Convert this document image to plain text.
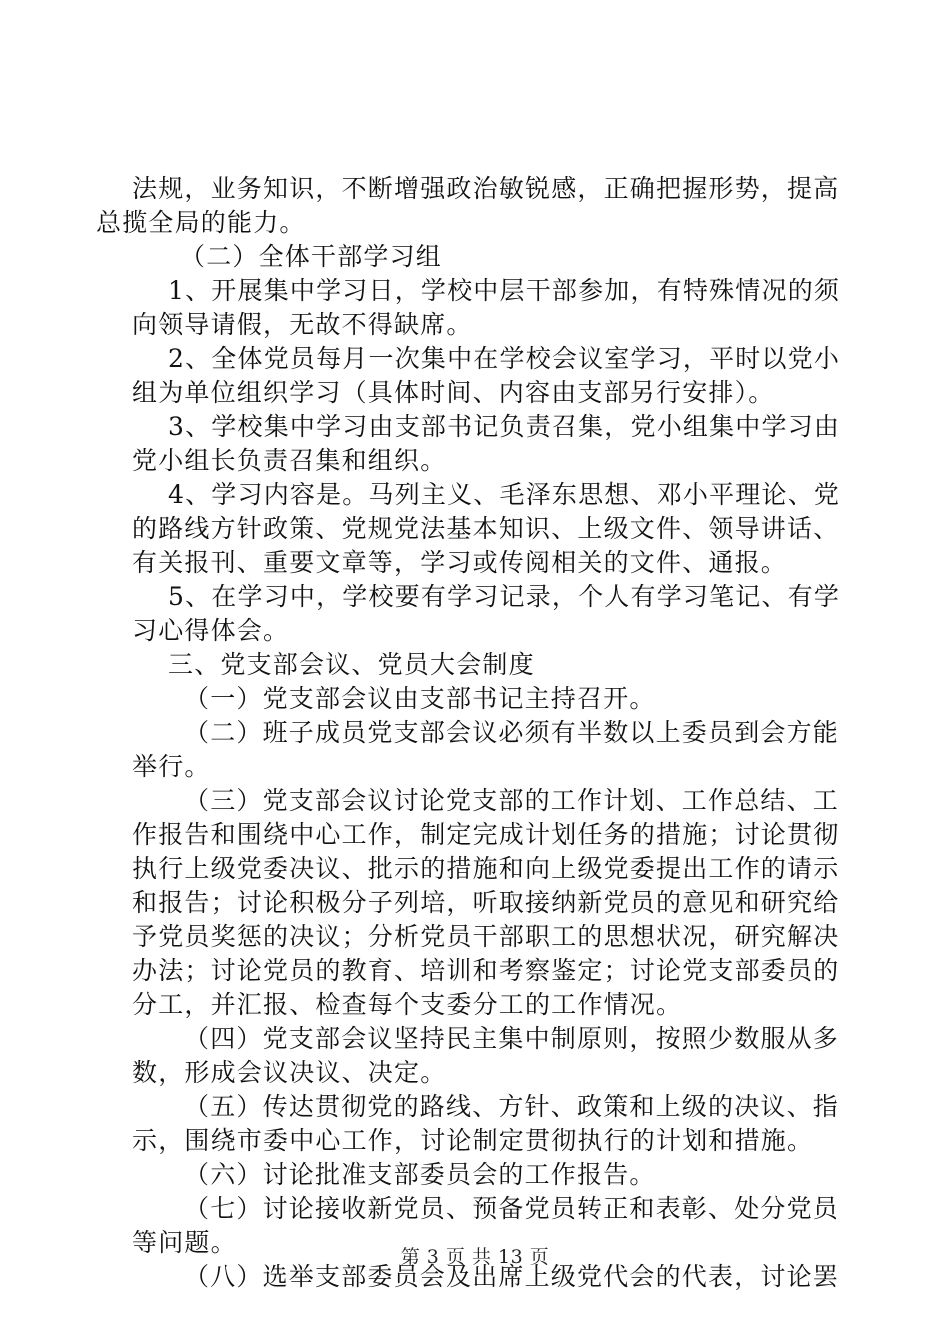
法规，业务知识，不断增强政治敏锐感，正确把握形势，提高
总揽全局的能力。
（二）全体干部学习组
1、开展集中学习日，学校中层干部参加，有特殊情况的须
向领导请假，无故不得缺席。
2、全体党员每月一次集中在学校会议室学习，平时以党小
组为单位组织学习（具体时间、内容由支部另行安排）。
3、学校集中学习由支部书记负责召集，党小组集中学习由
党小组长负责召集和组织。
4、学习内容是。马列主义、毛泽东思想、邓小平理论、党
的路线方针政策、党规党法基本知识、上级文件、领导讲话、
有关报刊、重要文章等，学习或传阅相关的文件、通报。
5、在学习中，学校要有学习记录，个人有学习笔记、有学
习心得体会。
三、党支部会议、党员大会制度
（一）党支部会议由支部书记主持召开。
（二）班子成员党支部会议必须有半数以上委员到会方能
举行。
（三）党支部会议讨论党支部的工作计划、工作总结、工
作报告和围绕中心工作，制定完成计划任务的措施；讨论贯彻
执行上级党委决议、批示的措施和向上级党委提出工作的请示
和报告；讨论积极分子列培，听取接纳新党员的意见和研究给
予党员奖惩的决议；分析党员干部职工的思想状况，研究解决
办法；讨论党员的教育、培训和考察鉴定；讨论党支部委员的
分工，并汇报、检查每个支委分工的工作情况。
（四）党支部会议坚持民主集中制原则，按照少数服从多
数，形成会议决议、决定。
（五）传达贯彻党的路线、方针、政策和上级的决议、指
示，围绕市委中心工作，讨论制定贯彻执行的计划和措施。
（六）讨论批准支部委员会的工作报告。
（七）讨论接收新党员、预备党员转正和表彰、处分党员
等问题。
（八）选举支部委员会及出席上级党代会的代表，讨论罢
第 3 页 共 13 页
